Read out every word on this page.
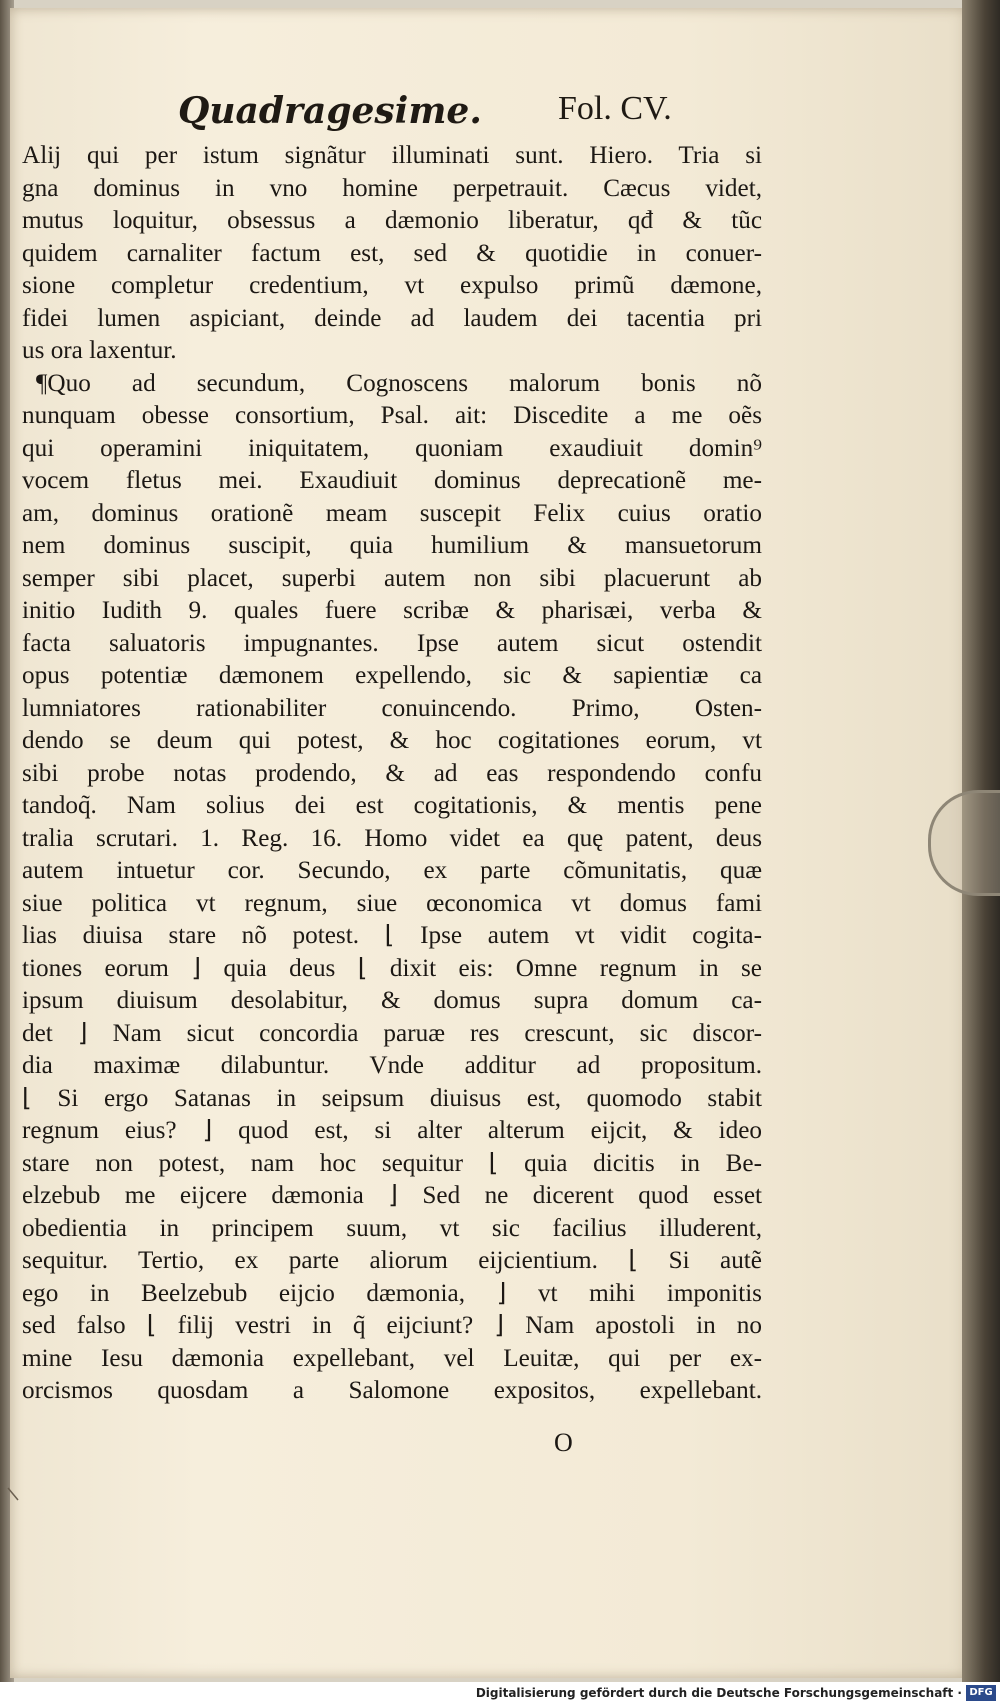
Quadragesime. Fol. CV.
Alij qui per istum signãtur illuminati sunt. Hiero. Tria si
gna dominus in vno homine perpetrauit. Cæcus videt,
mutus loquitur, obsessus a dæmonio liberatur, qđ & tũc
quidem carnaliter factum est, sed & quotidie in conuer-
sione completur credentium, vt expulso primũ dæmone,
fidei lumen aspiciant, deinde ad laudem dei tacentia pri
us ora laxentur.
¶Quo ad secundum, Cognoscens malorum bonis nõ
nunquam obesse consortium, Psal. ait: Discedite a me oẽs
qui operamini iniquitatem, quoniam exaudiuit domin⁹
vocem fletus mei. Exaudiuit dominus deprecationẽ me-
am, dominus orationẽ meam suscepit Felix cuius oratio
nem dominus suscipit, quia humilium & mansuetorum
semper sibi placet, superbi autem non sibi placuerunt ab
initio Iudith 9. quales fuere scribæ & pharisæi, verba &
facta saluatoris impugnantes. Ipse autem sicut ostendit
opus potentiæ dæmonem expellendo, sic & sapientiæ ca
lumniatores rationabiliter conuincendo. Primo, Osten-
dendo se deum qui potest, & hoc cogitationes eorum, vt
sibi probe notas prodendo, & ad eas respondendo confu
tandoq̃. Nam solius dei est cogitationis, & mentis pene
tralia scrutari. 1. Reg. 16. Homo videt ea quę patent, deus
autem intuetur cor. Secundo, ex parte cõmunitatis, quæ
siue politica vt regnum, siue œconomica vt domus fami
lias diuisa stare nõ potest. ⌊ Ipse autem vt vidit cogita-
tiones eorum ⌋ quia deus ⌊ dixit eis: Omne regnum in se
ipsum diuisum desolabitur, & domus supra domum ca-
det ⌋ Nam sicut concordia paruæ res crescunt, sic discor-
dia maximæ dilabuntur. Vnde additur ad propositum.
⌊ Si ergo Satanas in seipsum diuisus est, quomodo stabit
regnum eius? ⌋ quod est, si alter alterum eijcit, & ideo
stare non potest, nam hoc sequitur ⌊ quia dicitis in Be-
elzebub me eijcere dæmonia ⌋ Sed ne dicerent quod esset
obedientia in principem suum, vt sic facilius illuderent,
sequitur. Tertio, ex parte aliorum eijcientium. ⌊ Si autẽ
ego in Beelzebub eijcio dæmonia, ⌋ vt mihi imponitis
sed falso ⌊ filij vestri in q̃ eijciunt? ⌋ Nam apostoli in no
mine Iesu dæmonia expellebant, vel Leuitæ, qui per ex-
orcismos quosdam a Salomone expositos, expellebant.
O
Digitalisierung gefördert durch die Deutsche Forschungsgemeinschaft · DFG
